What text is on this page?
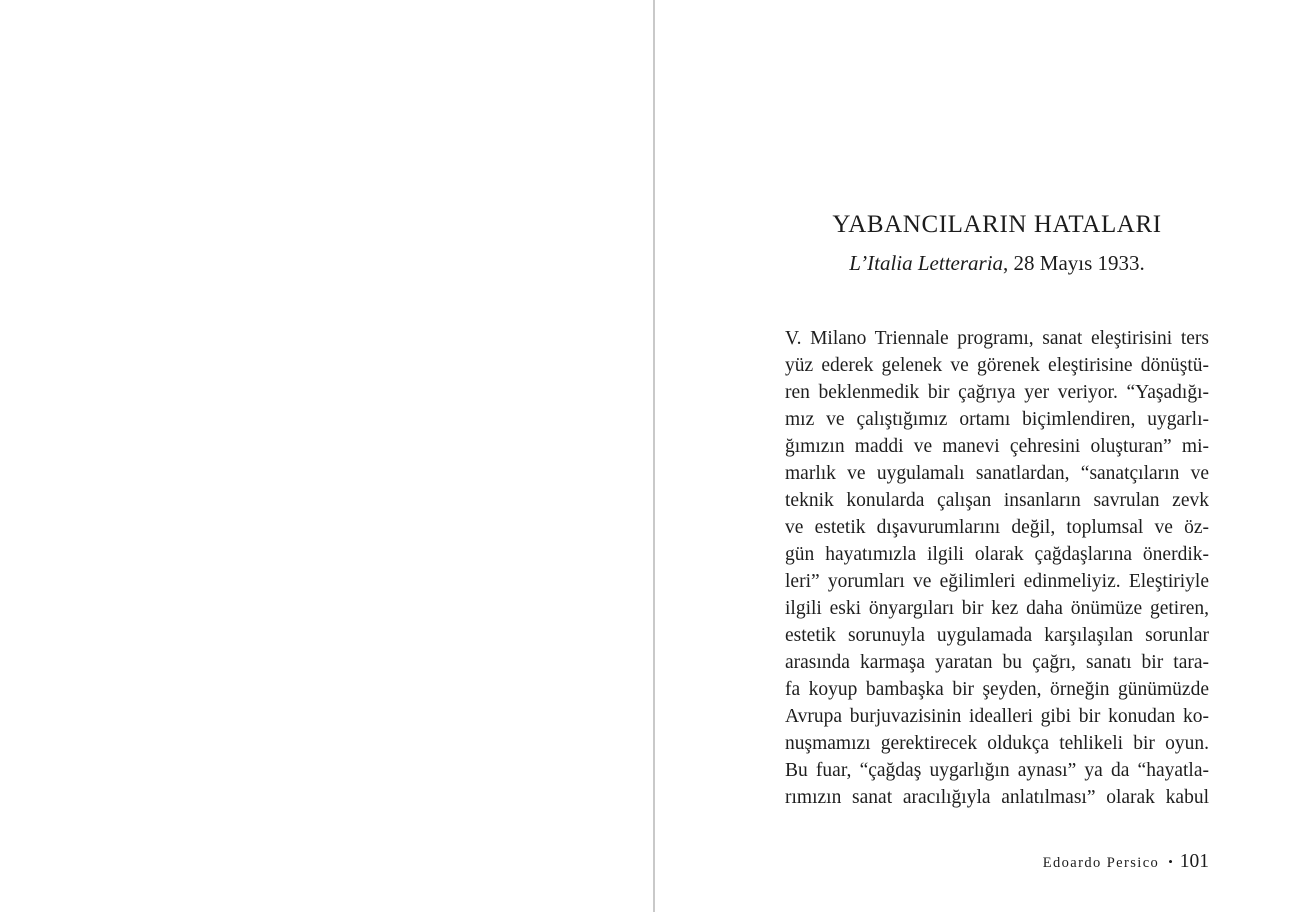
YABANCILARIN HATALARI
L’Italia Letteraria, 28 Mayıs 1933.
V. Milano Triennale programı, sanat eleştirisini ters
yüz ederek gelenek ve görenek eleştirisine dönüştü-
ren beklenmedik bir çağrıya yer veriyor. “Yaşadığı-
mız ve çalıştığımız ortamı biçimlendiren, uygarlı-
ğımızın maddi ve manevi çehresini oluşturan” mi-
marlık ve uygulamalı sanatlardan, “sanatçıların ve
teknik konularda çalışan insanların savrulan zevk
ve estetik dışavurumlarını değil, toplumsal ve öz-
gün hayatımızla ilgili olarak çağdaşlarına önerdik-
leri” yorumları ve eğilimleri edinmeliyiz. Eleştiriyle
ilgili eski önyargıları bir kez daha önümüze getiren,
estetik sorunuyla uygulamada karşılaşılan sorunlar
arasında karmaşa yaratan bu çağrı, sanatı bir tara-
fa koyup bambaşka bir şeyden, örneğin günümüzde
Avrupa burjuvazisinin idealleri gibi bir konudan ko-
nuşmamızı gerektirecek oldukça tehlikeli bir oyun.
Bu fuar, “çağdaş uygarlığın aynası” ya da “hayatla-
rımızın sanat aracılığıyla anlatılması” olarak kabul
Edoardo Persico • 101
